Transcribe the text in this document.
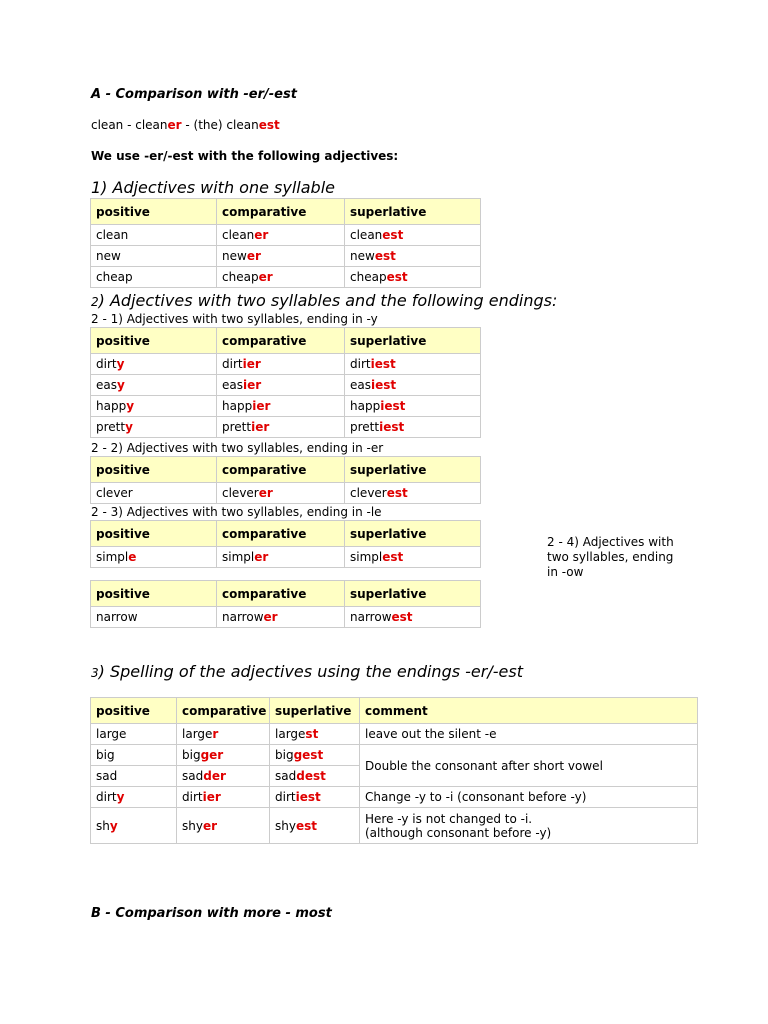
A - Comparison with -er/-est
clean - cleaner - (the) cleanest
We use -er/-est with the following adjectives:
1) Adjectives with one syllable
positive	comparative	superlative
clean	cleaner	cleanest
new	newer	newest
cheap	cheaper	cheapest
2) Adjectives with two syllables and the following endings:
2 - 1) Adjectives with two syllables, ending in -y
positive	comparative	superlative
dirty	dirtier	dirtiest
easy	easier	easiest
happy	happier	happiest
pretty	prettier	prettiest
2 - 2) Adjectives with two syllables, ending in -er
positive	comparative	superlative
clever	cleverer	cleverest
2 - 3) Adjectives with two syllables, ending in -le
positive	comparative	superlative
simple	simpler	simplest
2 - 4) Adjectives with two syllables, ending in -ow
positive	comparative	superlative
narrow	narrower	narrowest
3) Spelling of the adjectives using the endings -er/-est
positive	comparative	superlative	comment
large	larger	largest	leave out the silent -e
big	bigger	biggest	Double the consonant after short vowel
sad	sadder	saddest	
dirty	dirtier	dirtiest	Change -y to -i (consonant before -y)
shy	shyer	shyest	Here -y is not changed to -i.
(although consonant before -y)
B - Comparison with more - most
